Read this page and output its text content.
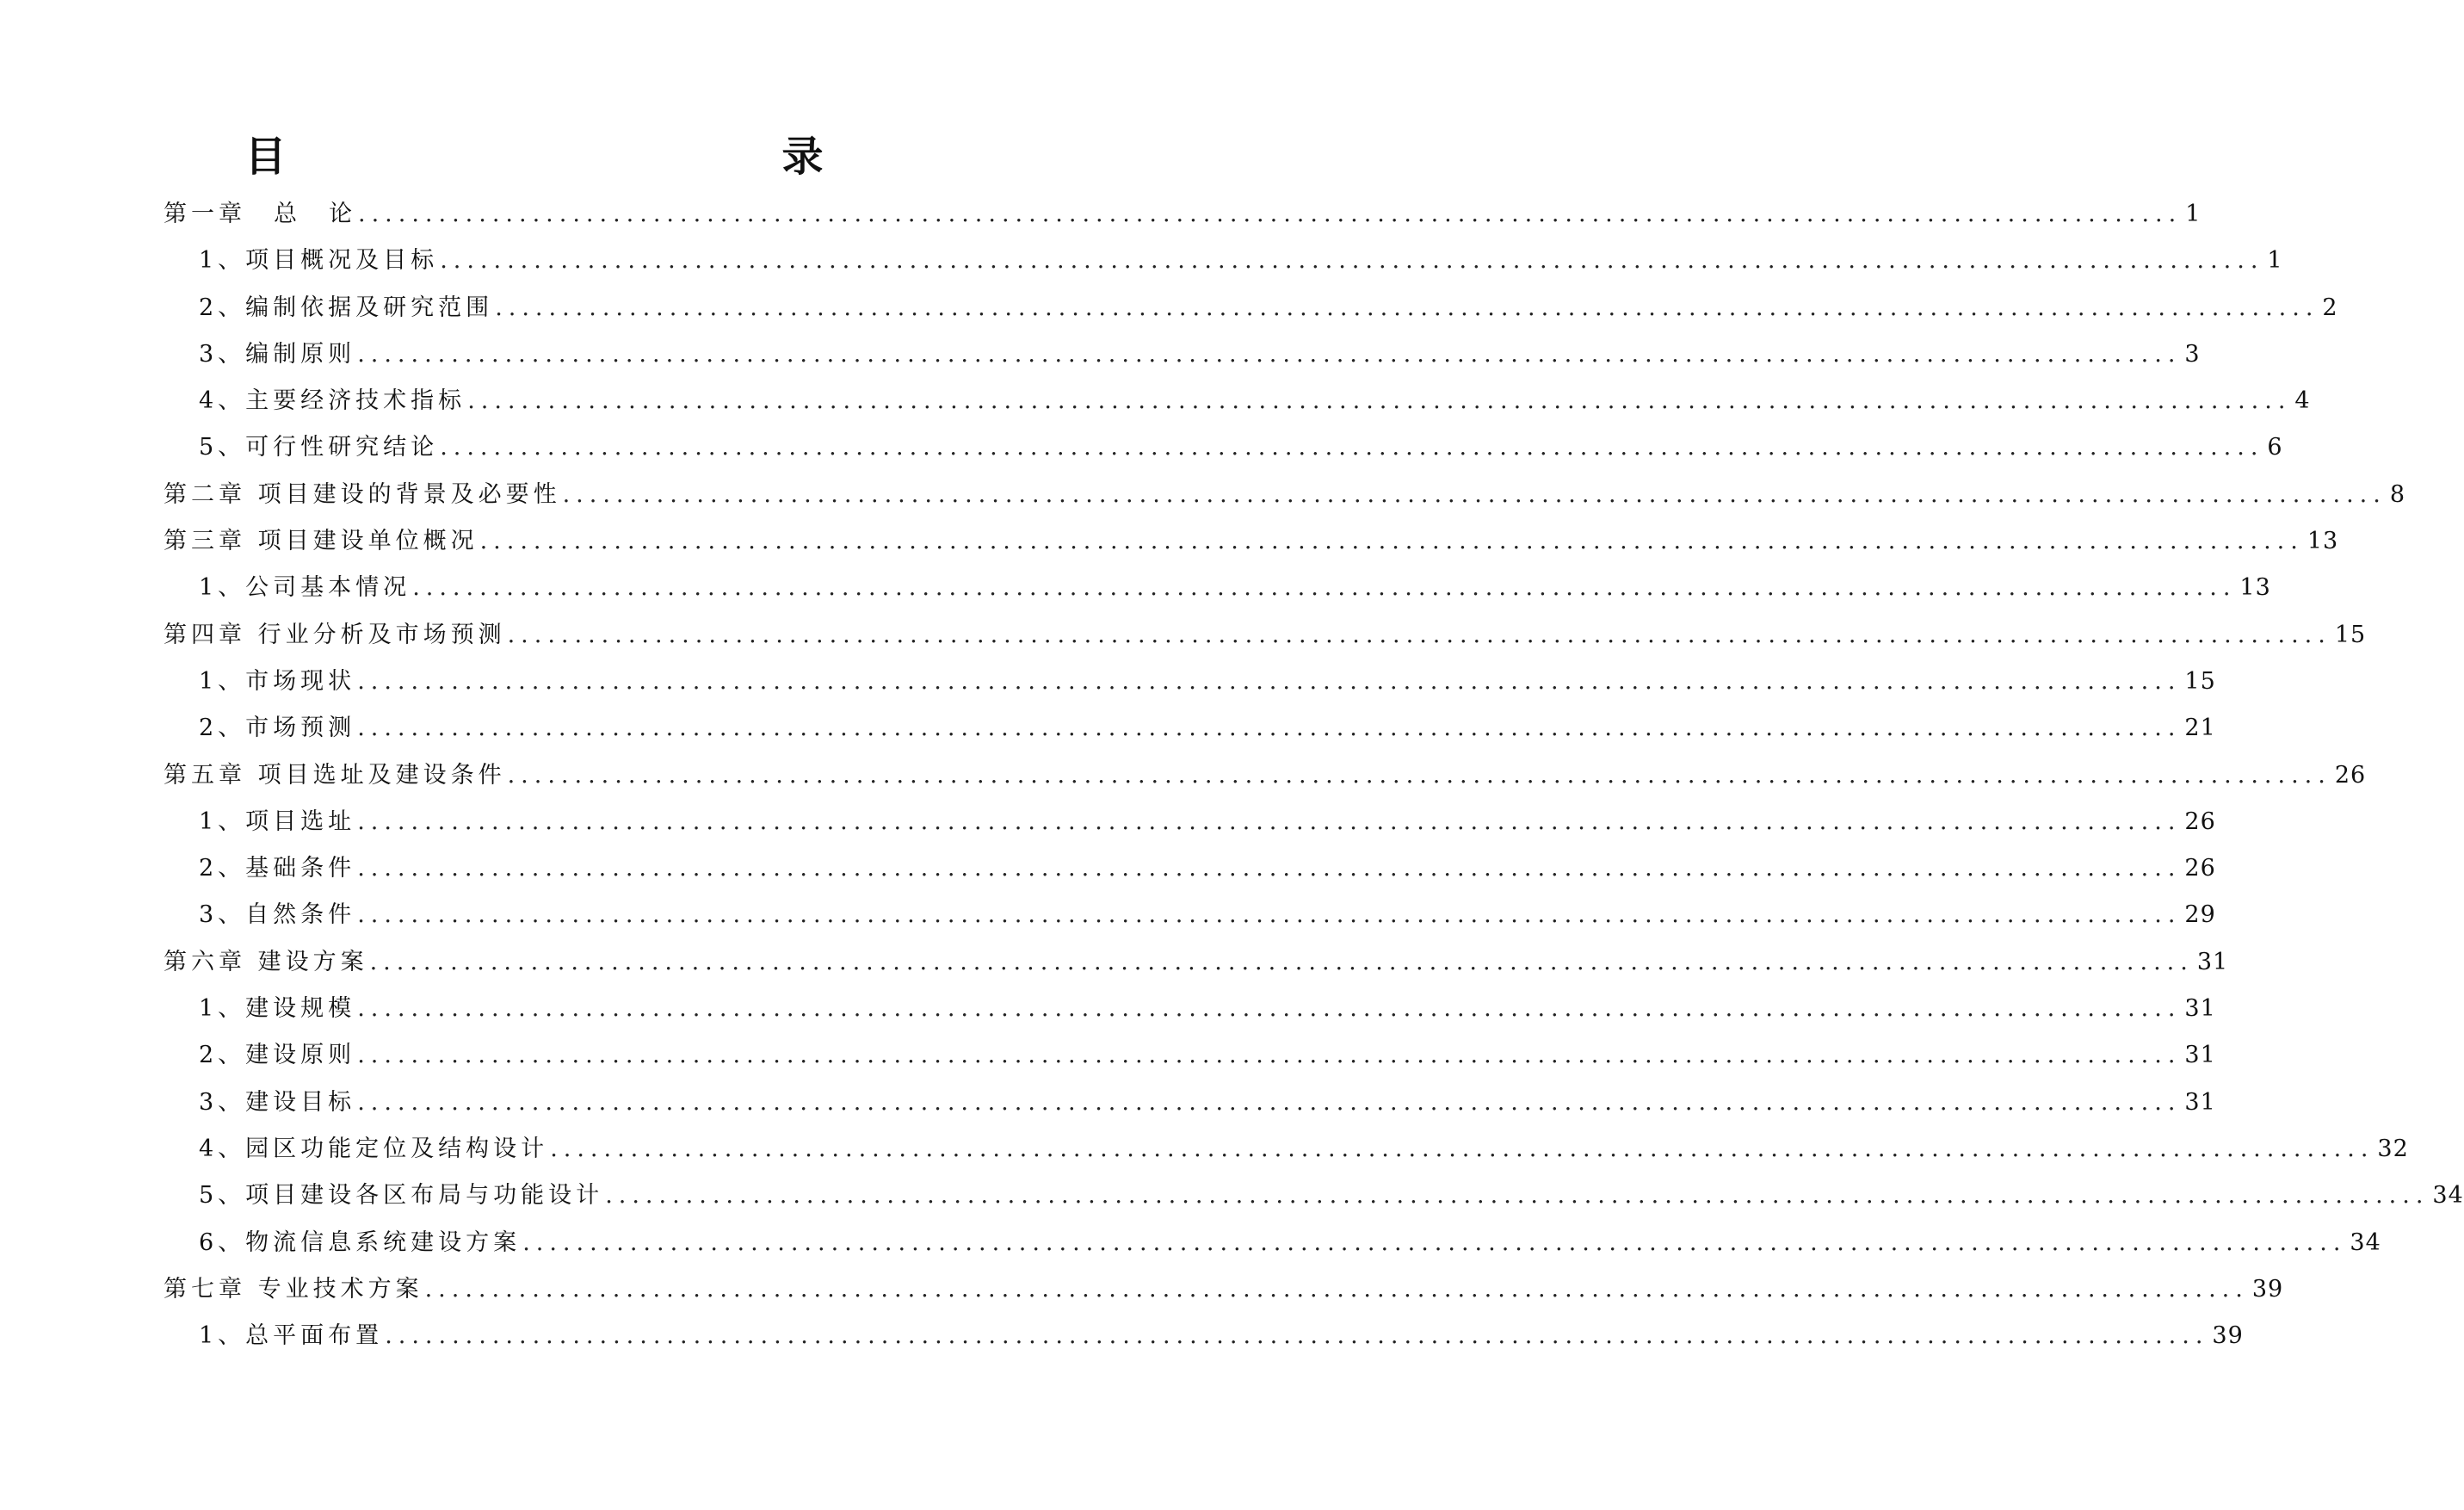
目　　录
第一章　总　论 ........................................................................................................................................ 1
1、项目概况及目标 ........................................................................................................................................ 1
2、编制依据及研究范围 ........................................................................................................................................ 2
3、编制原则 ........................................................................................................................................ 3
4、主要经济技术指标 ........................................................................................................................................ 4
5、可行性研究结论 ........................................................................................................................................ 6
第二章 项目建设的背景及必要性 ........................................................................................................................................ 8
第三章 项目建设单位概况 ........................................................................................................................................ 13
1、公司基本情况 ........................................................................................................................................ 13
第四章 行业分析及市场预测 ........................................................................................................................................ 15
1、市场现状 ........................................................................................................................................ 15
2、市场预测 ........................................................................................................................................ 21
第五章 项目选址及建设条件 ........................................................................................................................................ 26
1、项目选址 ........................................................................................................................................ 26
2、基础条件 ........................................................................................................................................ 26
3、自然条件 ........................................................................................................................................ 29
第六章 建设方案 ........................................................................................................................................ 31
1、建设规模 ........................................................................................................................................ 31
2、建设原则 ........................................................................................................................................ 31
3、建设目标 ........................................................................................................................................ 31
4、园区功能定位及结构设计 ........................................................................................................................................ 32
5、项目建设各区布局与功能设计 ........................................................................................................................................ 34
6、物流信息系统建设方案 ........................................................................................................................................ 34
第七章 专业技术方案 ........................................................................................................................................ 39
1、总平面布置 ........................................................................................................................................ 39
